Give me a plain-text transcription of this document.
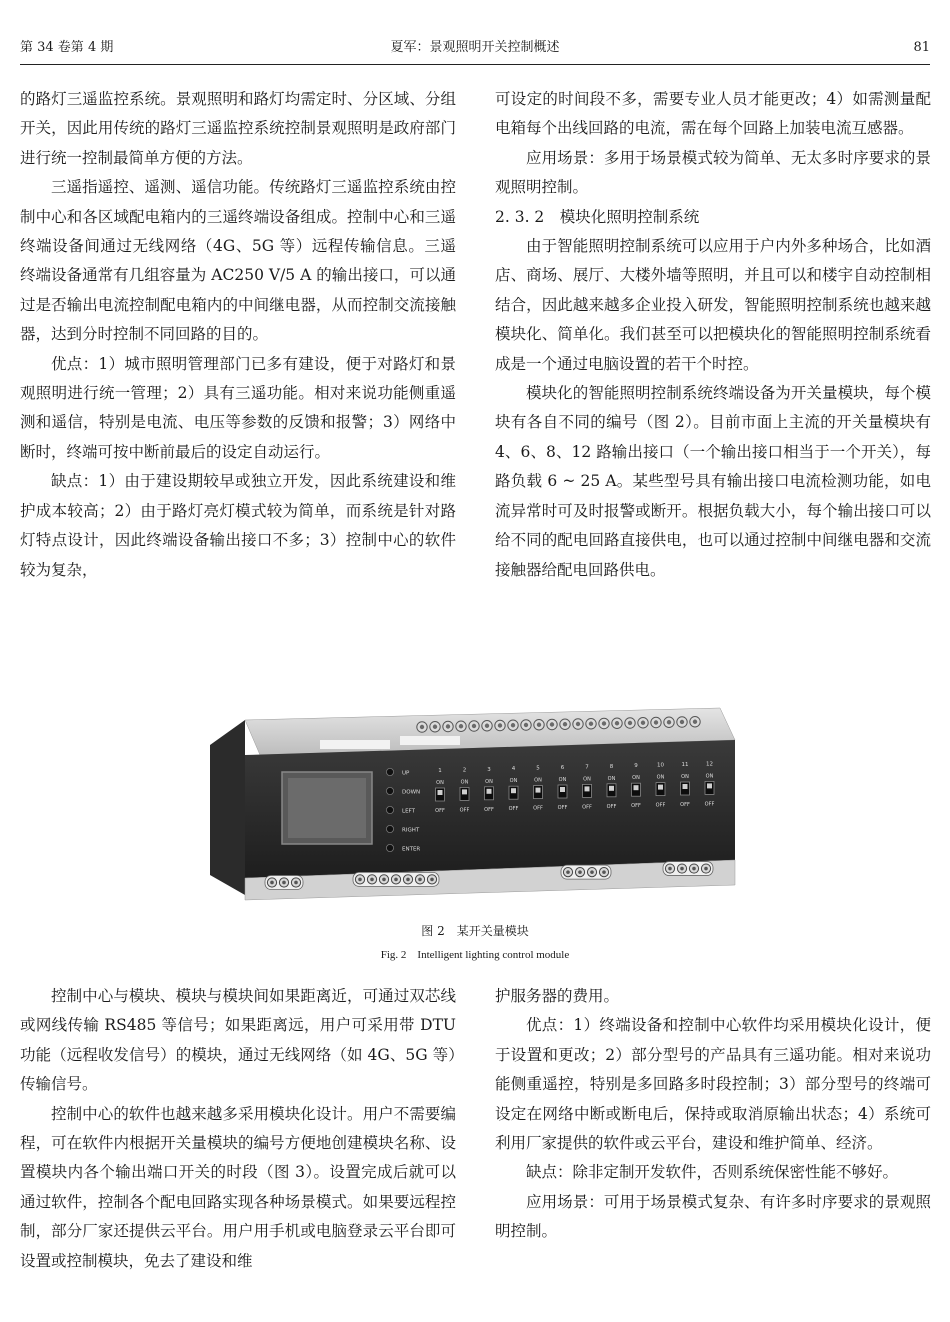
第 34 卷第 4 期	夏军：景观照明开关控制概述	81

的路灯三遥监控系统。景观照明和路灯均需定时、分区域、分组开关，因此用传统的路灯三遥监控系统控制景观照明是政府部门进行统一控制最简单方便的方法。

三遥指遥控、遥测、遥信功能。传统路灯三遥监控系统由控制中心和各区域配电箱内的三遥终端设备组成。控制中心和三遥终端设备间通过无线网络（4G、5G 等）远程传输信息。三遥终端设备通常有几组容量为 AC250 V/5 A 的输出接口，可以通过是否输出电流控制配电箱内的中间继电器，从而控制交流接触器，达到分时控制不同回路的目的。

优点：1）城市照明管理部门已多有建设，便于对路灯和景观照明进行统一管理；2）具有三遥功能。相对来说功能侧重遥测和遥信，特别是电流、电压等参数的反馈和报警；3）网络中断时，终端可按中断前最后的设定自动运行。

缺点：1）由于建设期较早或独立开发，因此系统建设和维护成本较高；2）由于路灯亮灯模式较为简单，而系统是针对路灯特点设计，因此终端设备输出接口不多；3）控制中心的软件较为复杂，

可设定的时间段不多，需要专业人员才能更改；4）如需测量配电箱每个出线回路的电流，需在每个回路上加装电流互感器。

应用场景：多用于场景模式较为简单、无太多时序要求的景观照明控制。

2. 3. 2　模块化照明控制系统

由于智能照明控制系统可以应用于户内外多种场合，比如酒店、商场、展厅、大楼外墙等照明，并且可以和楼宇自动控制相结合，因此越来越多企业投入研发，智能照明控制系统也越来越模块化、简单化。我们甚至可以把模块化的智能照明控制系统看成是一个通过电脑设置的若干个时控。

模块化的智能照明控制系统终端设备为开关量模块，每个模块有各自不同的编号（图 2）。目前市面上主流的开关量模块有 4、6、8、12 路输出接口（一个输出接口相当于一个开关），每路负载 6 ~ 25 A。某些型号具有输出接口电流检测功能，如电流异常时可及时报警或断开。根据负载大小，每个输出接口可以给不同的配电回路直接供电，也可以通过控制中间继电器和交流接触器给配电回路供电。

UP
DOWN
LEFT
RIGHT
ENTER
1
ON
OFF
2
ON
OFF
3
ON
OFF
4
ON
OFF
5
ON
OFF
6
ON
OFF
7
ON
OFF
8
ON
OFF
9
ON
OFF
10
ON
OFF
11
ON
OFF
12
ON
OFF
图 2　某开关量模块
Fig. 2　Intelligent lighting control module

控制中心与模块、模块与模块间如果距离近，可通过双芯线或网线传输 RS485 等信号；如果距离远，用户可采用带 DTU 功能（远程收发信号）的模块，通过无线网络（如 4G、5G 等）传输信号。

控制中心的软件也越来越多采用模块化设计。用户不需要编程，可在软件内根据开关量模块的编号方便地创建模块名称、设置模块内各个输出端口开关的时段（图 3）。设置完成后就可以通过软件，控制各个配电回路实现各种场景模式。如果要远程控制，部分厂家还提供云平台。用户用手机或电脑登录云平台即可设置或控制模块，免去了建设和维

护服务器的费用。

优点：1）终端设备和控制中心软件均采用模块化设计，便于设置和更改；2）部分型号的产品具有三遥功能。相对来说功能侧重遥控，特别是多回路多时段控制；3）部分型号的终端可设定在网络中断或断电后，保持或取消原输出状态；4）系统可利用厂家提供的软件或云平台，建设和维护简单、经济。

缺点：除非定制开发软件，否则系统保密性能不够好。

应用场景：可用于场景模式复杂、有许多时序要求的景观照明控制。
